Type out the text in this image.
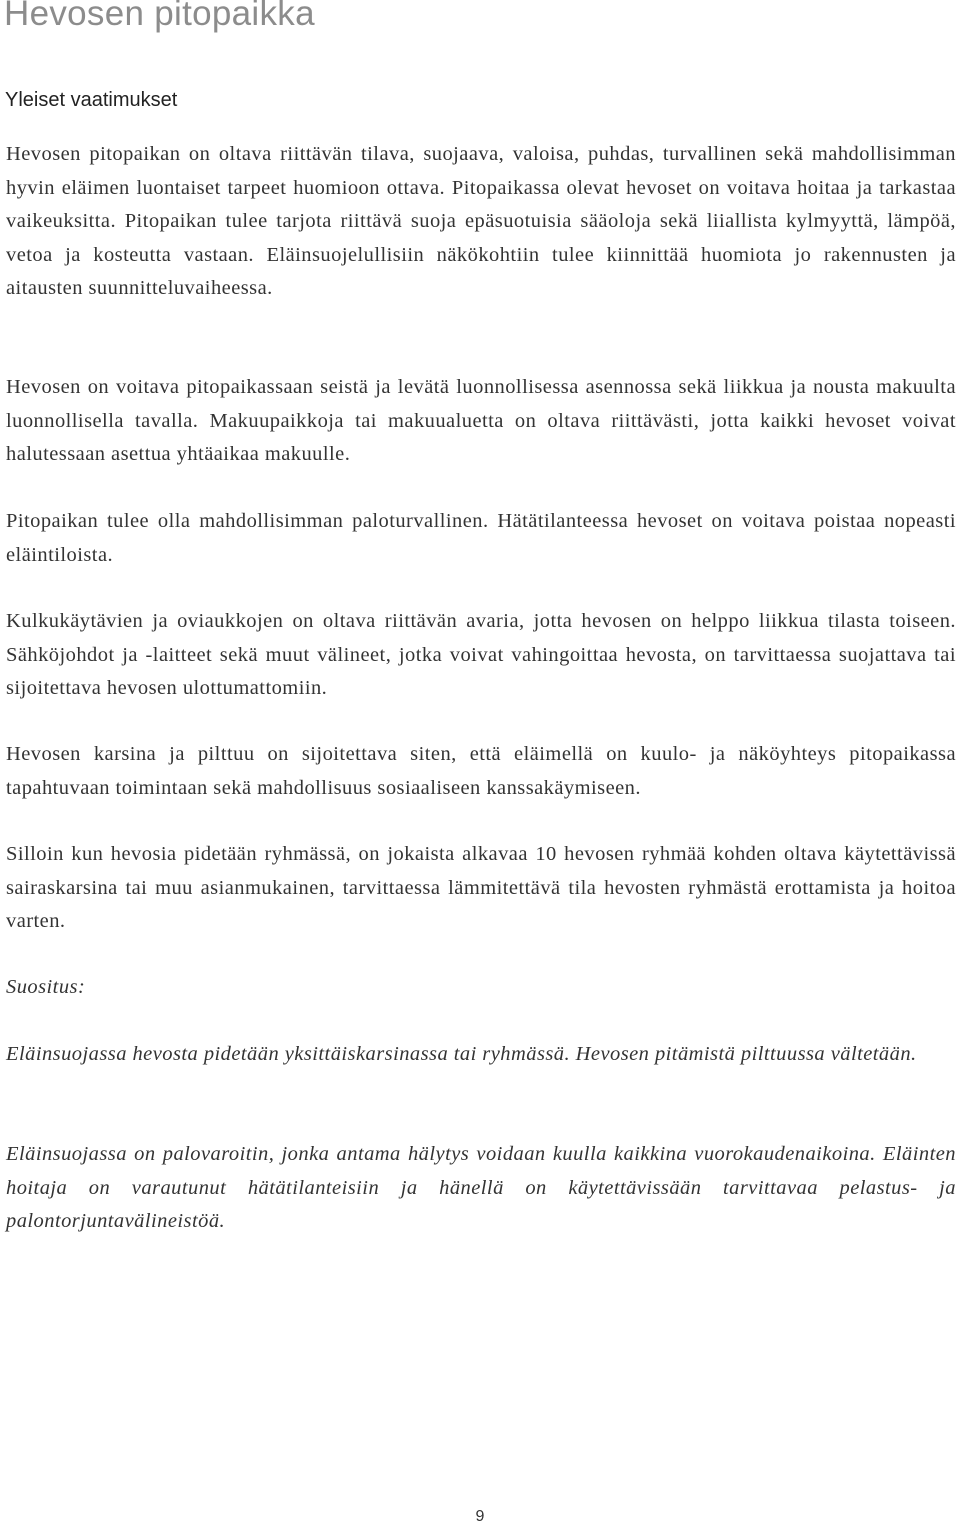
Hevosen pitopaikka
Yleiset vaatimukset

Hevosen pitopaikan on oltava riittävän tilava, suojaava, valoisa, puhdas, turvallinen sekä mahdollisimman hyvin eläimen luontaiset tarpeet huomioon ottava. Pitopaikassa olevat hevoset on voitava hoitaa ja tarkastaa vaikeuksitta. Pitopaikan tulee tarjota riittävä suoja epäsuotuisia sääoloja sekä liiallista kylmyyttä, lämpöä, vetoa ja kosteutta vastaan. Eläinsuojelullisiin näkökohtiin tulee kiinnittää huomiota jo rakennusten ja aitausten suunnitteluvaiheessa.

Hevosen on voitava pitopaikassaan seistä ja levätä luonnollisessa asennossa sekä liikkua ja nousta makuulta luonnollisella tavalla. Makuupaikkoja tai makuualuetta on oltava riittävästi, jotta kaikki hevoset voivat halutessaan asettua yhtäaikaa makuulle.

Pitopaikan tulee olla mahdollisimman paloturvallinen. Hätätilanteessa hevoset on voitava poistaa nopeasti eläintiloista.

Kulkukäytävien ja oviaukkojen on oltava riittävän avaria, jotta hevosen on helppo liikkua tilasta toiseen. Sähköjohdot ja -laitteet sekä muut välineet, jotka voivat vahingoittaa hevosta, on tarvittaessa suojattava tai sijoitettava hevosen ulottumattomiin.

Hevosen karsina ja pilttuu on sijoitettava siten, että eläimellä on kuulo- ja näköyhteys pitopaikassa tapahtuvaan toimintaan sekä mahdollisuus sosiaaliseen kanssakäymiseen.

Silloin kun hevosia pidetään ryhmässä, on jokaista alkavaa 10 hevosen ryhmää kohden oltava käytettävissä sairaskarsina tai muu asianmukainen, tarvittaessa lämmitettävä tila hevosten ryhmästä erottamista ja hoitoa varten.

Suositus:

Eläinsuojassa hevosta pidetään yksittäiskarsinassa tai ryhmässä. Hevosen pitämistä pilttuussa vältetään.

Eläinsuojassa on palovaroitin, jonka antama hälytys voidaan kuulla kaikkina vuorokaudenaikoina. Eläinten hoitaja on varautunut hätätilanteisiin ja hänellä on käytettävissään tarvittavaa pelastus- ja palontorjuntavälineistöä.

9
